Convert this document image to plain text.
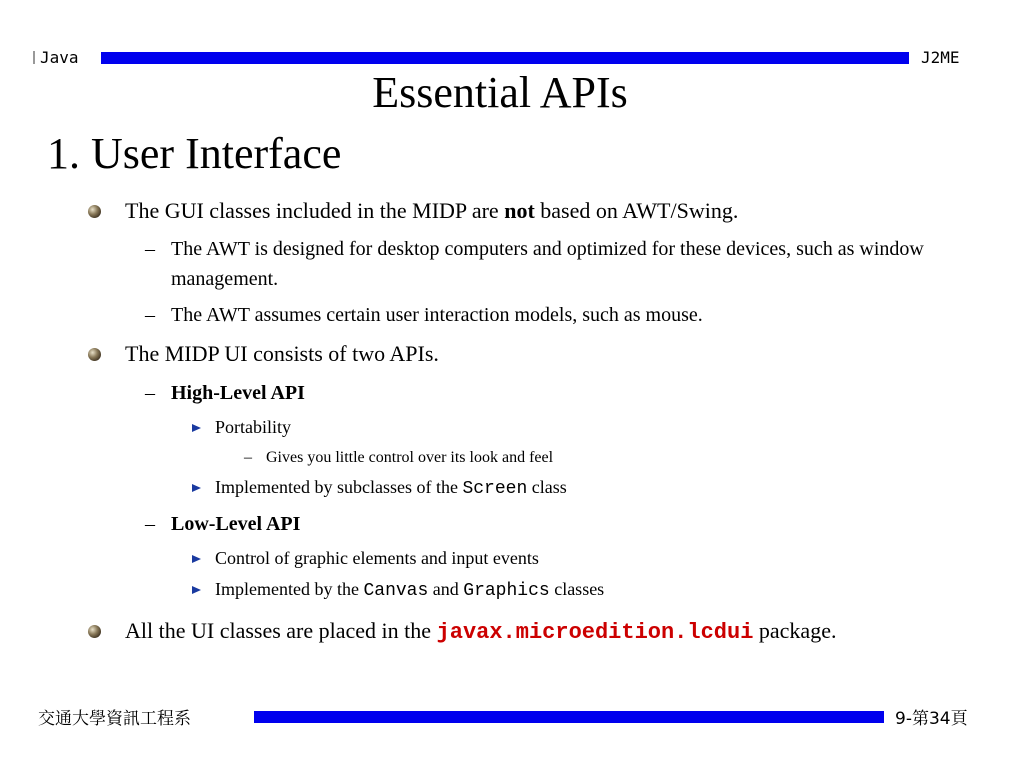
Java	J2ME
Essential APIs
1. User Interface
The GUI classes included in the MIDP are not based on AWT/Swing.
– The AWT is designed for desktop computers and optimized for these devices, such as window management.
– The AWT assumes certain user interaction models, such as mouse.
The MIDP UI consists of two APIs.
– High-Level API
Portability
– Gives you little control over its look and feel
Implemented by subclasses of the Screen class
– Low-Level API
Control of graphic elements and input events
Implemented by the Canvas and Graphics classes
All the UI classes are placed in the javax.microedition.lcdui package.
交通大學資訊工程系	9-第34頁
